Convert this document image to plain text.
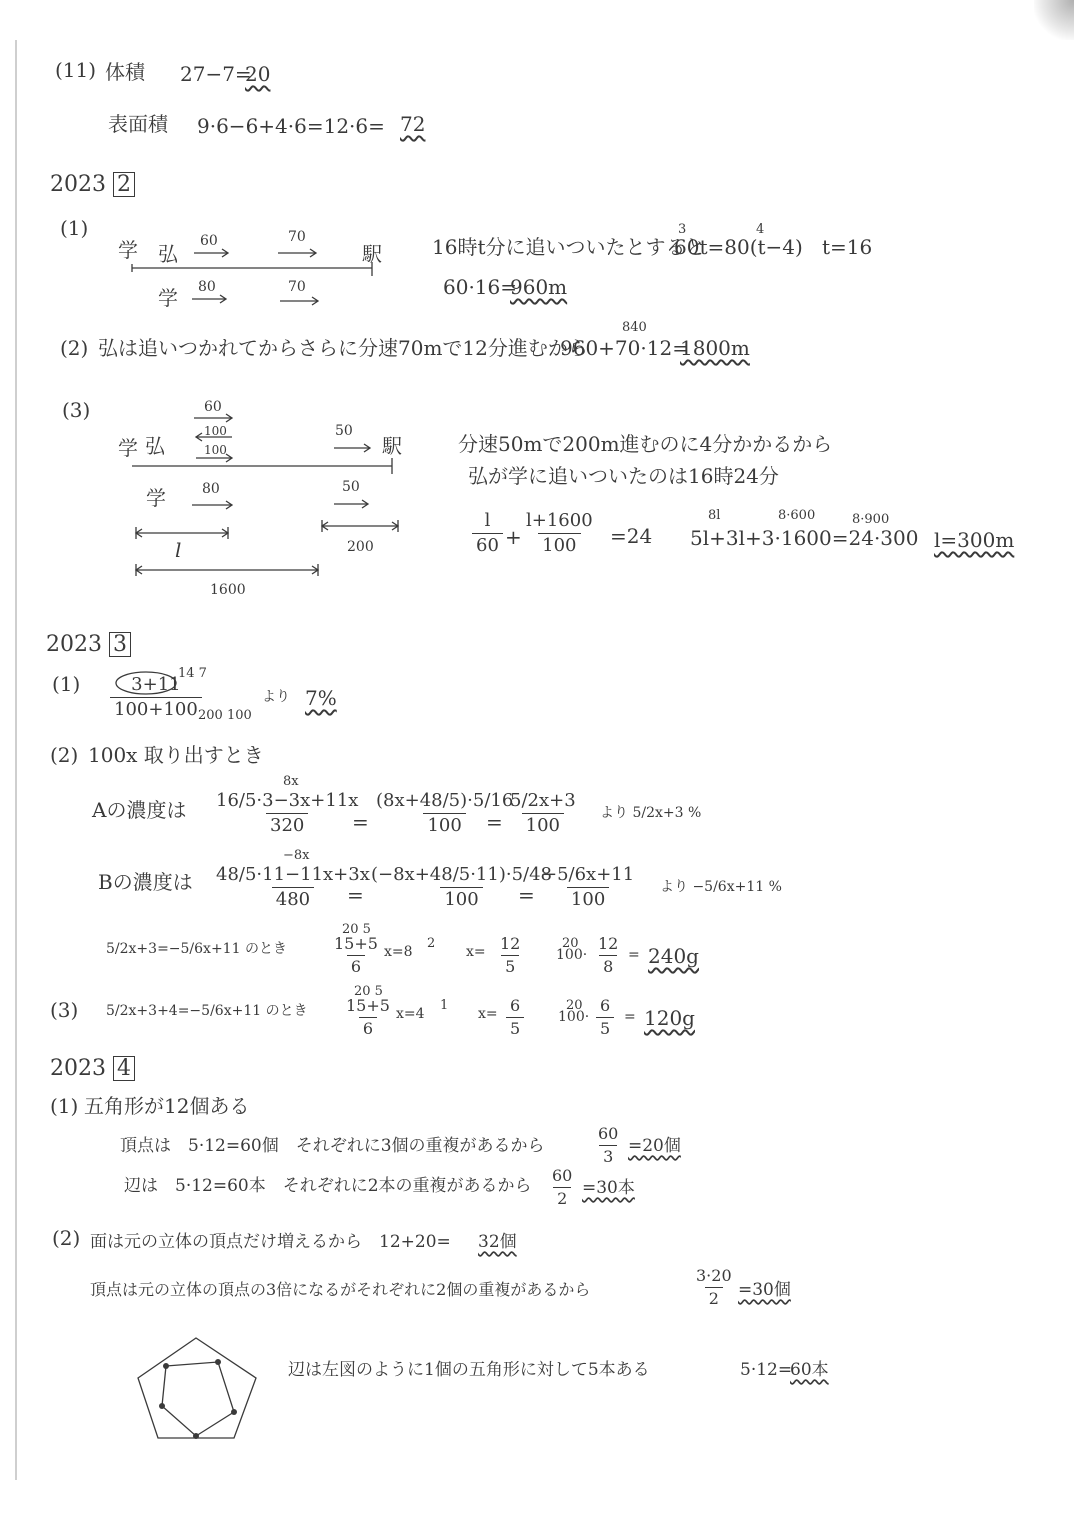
(11) 体積 27−7=
20
表面積 9·6−6+4·6=12·6= 72
2023 2
(1)
学 弘
60	70
駅
学 80	70
16時t分に追いついたとすると
3	4
60t=80(t−4) t=16
60·16=
960m
(2) 弘は追いつかれてからさらに分速70mで12分進むから
840
960+70·12=
1800m
(3)	60
100
100
学 弘
50
駅
学	80	50
l	200
1600
分速50mで200m進むのに4分かかるから
弘が学に追いついたのは16時24分
$\frac{l}{60} + \frac{l+1600}{100} =24$
8l	8·600	8·900
5l+3l+3·1600=24·300 l=300m
2023 3
(1)	14 7
200 100
$\frac{3+11}{100+100}$	より 7%
(2) 100x 取り出すとき
Aの濃度は
8x
$\frac{16/5\cdot 3-3x+11x}{320}$
= $\frac{(8x+48/5)\cdot 5/16}{100}$
= $\frac{5/2x+3}{100}$ より 5/2x+3 %
Bの濃度は
−8x
$\frac{48/5\cdot 11-11x+3x}{480}$
= $\frac{(-8x+48/5\cdot 11)\cdot 5/48}{100}$
= $\frac{-5/6x+11}{100}$ より −5/6x+11 %
5/2x+3=−5/6x+11 のとき
20 5
$\frac{15+5}{6} x=8$
2
$x= \frac{12}{5}$	20
$100\cdot \frac{12}{8} = 240g$
(3) 5/2x+3+4=−5/6x+11 のとき
20 5
$\frac{15+5}{6} x=4$
1
$x= \frac{6}{5}$	20
$100\cdot \frac{6}{5} = 120g$
2023 4
(1) 五角形が12個ある
頂点は　5·12=60個　それぞれに3個の重複があるから	$\frac{60}{3} =20$個
辺は　5·12=60本　それぞれに2本の重複があるから $\frac{60}{2} =30$本
(2) 面は元の立体の頂点だけ増えるから　12+20= 32個
頂点は元の立体の頂点の3倍になるがそれぞれに2個の重複があるから	$\frac{3\cdot 20}{2} =30$個
辺は左図のように1個の五角形に対して5本ある	5·12=
60本
